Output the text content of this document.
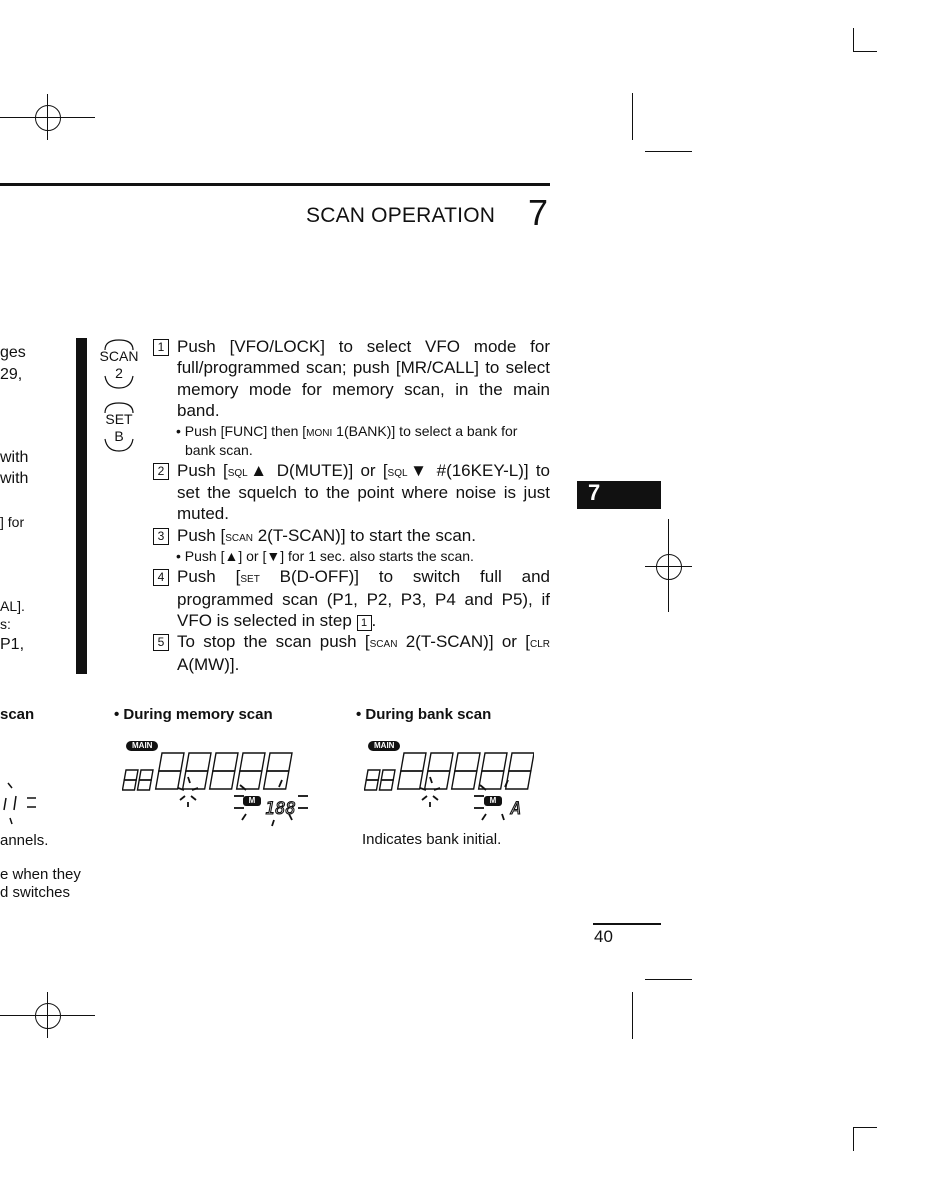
SCAN OPERATION 7
ges
29,
with
with
] for
AL].
s:
P1,
scan
annels.
e when they
d switches
SCAN
2
SET
B
1 Push [VFO/LOCK] to select VFO mode for full/programmed scan; push [MR/CALL] to select memory mode for memory scan, in the main band.
• Push [FUNC] then [moni 1(BANK)] to select a bank for bank scan.
2 Push [sql▲ D(MUTE)] or [sql▼ #(16KEY-L)] to set the squelch to the point where noise is just muted.
3 Push [scan 2(T-SCAN)] to start the scan.
• Push [▲] or [▼] for 1 sec. also starts the scan.
4 Push [set B(D-OFF)] to switch full and programmed scan (P1, P2, P3, P4 and P5), if VFO is selected in step 1 .
5 To stop the scan push [scan 2(T-SCAN)] or [clr A(MW)].
7
• During memory scan
MAIN
188
M
• During bank scan
MAIN
A
M
Indicates bank initial.
40
